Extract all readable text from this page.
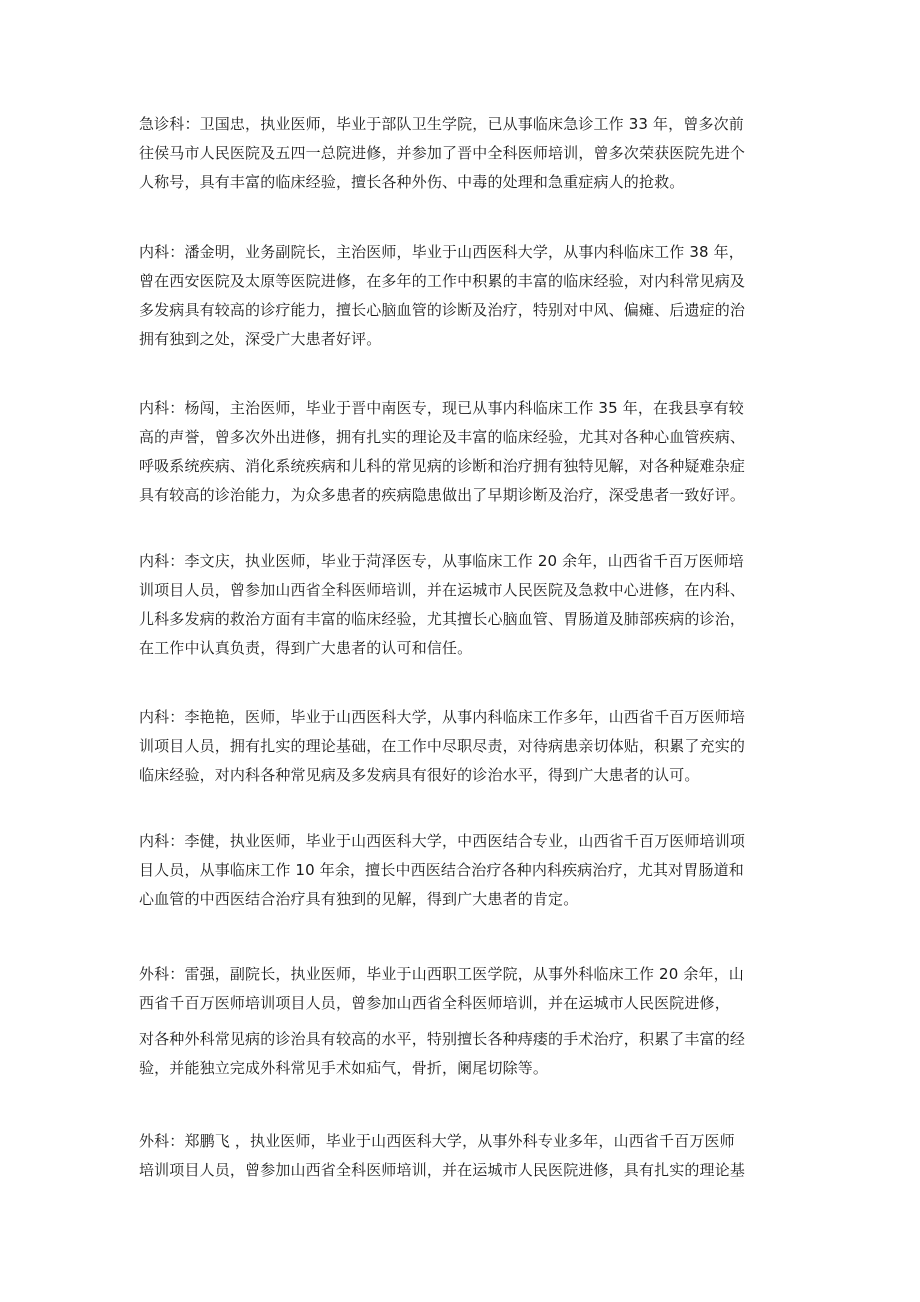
急诊科：卫国忠，执业医师，毕业于部队卫生学院，已从事临床急诊工作 33 年，曾多次前
往侯马市人民医院及五四一总院进修，并参加了晋中全科医师培训，曾多次荣获医院先进个
人称号，具有丰富的临床经验，擅长各种外伤、中毒的处理和急重症病人的抢救。
内科：潘金明，业务副院长，主治医师，毕业于山西医科大学，从事内科临床工作 38 年，
曾在西安医院及太原等医院进修，在多年的工作中积累的丰富的临床经验，对内科常见病及
多发病具有较高的诊疗能力，擅长心脑血管的诊断及治疗，特别对中风、偏瘫、后遗症的治
拥有独到之处，深受广大患者好评。
内科：杨闯，主治医师，毕业于晋中南医专，现已从事内科临床工作 35 年，在我县享有较
高的声誉，曾多次外出进修，拥有扎实的理论及丰富的临床经验，尤其对各种心血管疾病、
呼吸系统疾病、消化系统疾病和儿科的常见病的诊断和治疗拥有独特见解，对各种疑难杂症
具有较高的诊治能力，为众多患者的疾病隐患做出了早期诊断及治疗，深受患者一致好评。
内科：李文庆，执业医师，毕业于菏泽医专，从事临床工作 20 余年，山西省千百万医师培
训项目人员，曾参加山西省全科医师培训，并在运城市人民医院及急救中心进修，在内科、
儿科多发病的救治方面有丰富的临床经验，尤其擅长心脑血管、胃肠道及肺部疾病的诊治，
在工作中认真负责，得到广大患者的认可和信任。
内科：李艳艳，医师，毕业于山西医科大学，从事内科临床工作多年，山西省千百万医师培
训项目人员，拥有扎实的理论基础，在工作中尽职尽责，对待病患亲切体贴，积累了充实的
临床经验，对内科各种常见病及多发病具有很好的诊治水平，得到广大患者的认可。
内科：李健，执业医师，毕业于山西医科大学，中西医结合专业，山西省千百万医师培训项
目人员，从事临床工作 10 年余，擅长中西医结合治疗各种内科疾病治疗，尤其对胃肠道和
心血管的中西医结合治疗具有独到的见解，得到广大患者的肯定。
外科：雷强，副院长，执业医师，毕业于山西职工医学院，从事外科临床工作 20 余年，山
西省千百万医师培训项目人员，曾参加山西省全科医师培训，并在运城市人民医院进修，
对各种外科常见病的诊治具有较高的水平，特别擅长各种痔瘘的手术治疗，积累了丰富的经
验，并能独立完成外科常见手术如疝气，骨折，阑尾切除等。
外科：郑鹏飞 ，执业医师，毕业于山西医科大学，从事外科专业多年，山西省千百万医师
培训项目人员，曾参加山西省全科医师培训，并在运城市人民医院进修，具有扎实的理论基
